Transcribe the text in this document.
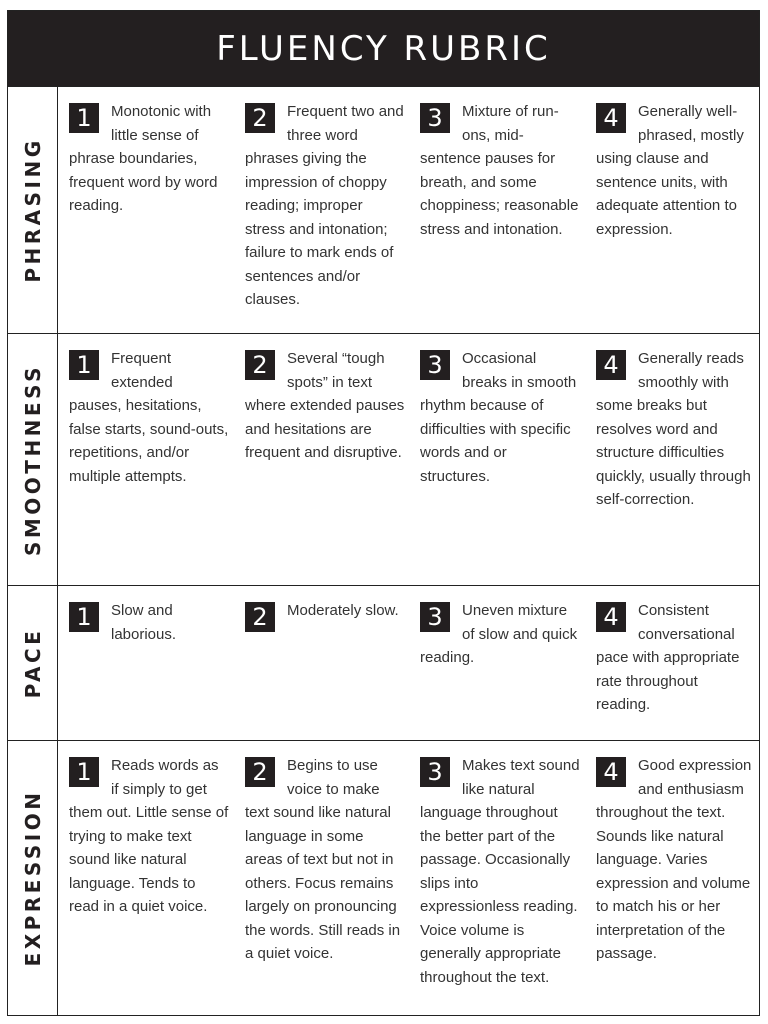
FLUENCY RUBRIC
PHRASING
1	Monotonic with little sense of phrase boundaries, frequent word by word reading.
2	Frequent two and three word phrases giving the impression of choppy reading; improper stress and intonation; failure to mark ends of sentences and/or clauses.
3	Mixture of run-ons, mid-sentence pauses for breath, and some choppiness; reasonable stress and intonation.
4	Generally well-phrased, mostly using clause and sentence units, with adequate attention to expression.
SMOOTHNESS	1	Frequent extended pauses, hesitations, false starts, sound-outs, repetitions, and/or multiple attempts.
2	Several “tough spots” in text where extended pauses and hesitations are frequent and disruptive.
3	Occasional breaks in smooth rhythm because of difficulties with specific words and or structures.
4	Generally reads smoothly with some breaks but resolves word and structure difficulties quickly, usually through self-correction.
PACE
1	Slow and laborious.
2	Moderately slow.	3	Uneven mixture of slow and quick reading.
4	Consistent conversational pace with appropriate rate throughout reading.
EXPRESSION
1	Reads words as if simply to get them out. Little sense of trying to make text sound like natural language. Tends to read in a quiet voice.
2	Begins to use voice to make text sound like natural language in some areas of text but not in others. Focus remains largely on pronouncing the words. Still reads in a quiet voice.
3	Makes text sound like natural language throughout the better part of the passage. Occasionally slips into expressionless reading. Voice volume is generally appropriate throughout the text.
4	Good expression and enthusiasm throughout the text. Sounds like natural language. Varies expression and volume to match his or her interpretation of the passage.
